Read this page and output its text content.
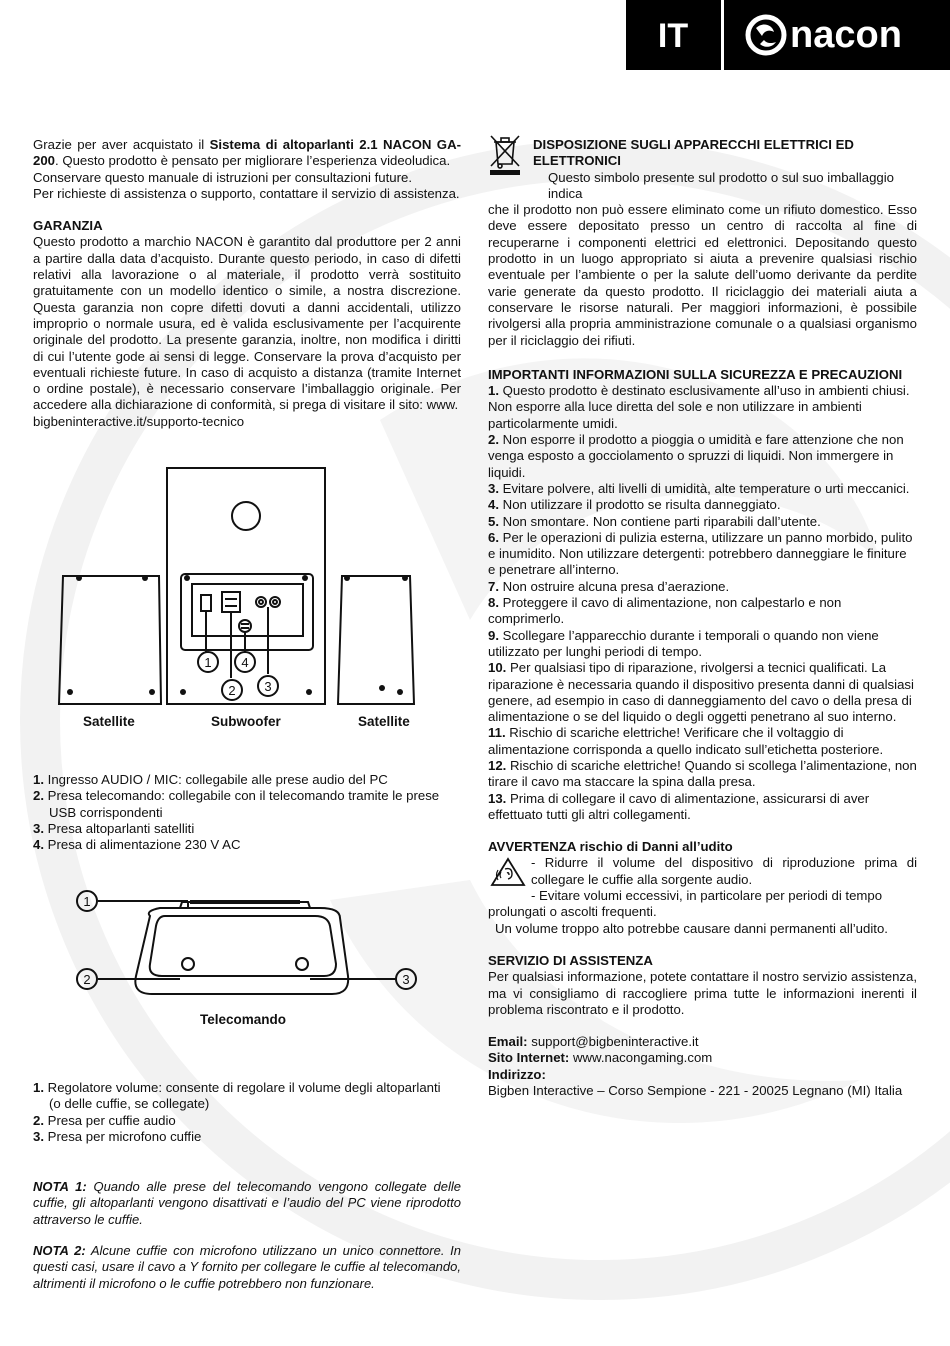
IT	nacon

Grazie per aver acquistato il Sistema di altoparlanti 2.1 NACON GA-200. Questo prodotto è pensato per migliorare l’esperienza videoludica.

Conservare questo manuale di istruzioni per consultazioni future.

Per richieste di assistenza o supporto, contattare il servizio di assistenza.

GARANZIA

Questo prodotto a marchio NACON è garantito dal produttore per 2 anni a partire dalla data d’acquisto. Durante questo periodo, in caso di difetti relativi alla lavorazione o al materiale, il prodotto verrà sostituito gratuitamente con un modello identico o simile, a nostra discrezione. Questa garanzia non copre difetti dovuti a danni accidentali, utilizzo improprio o normale usura, ed è valida esclusivamente per l’acquirente originale del prodotto. La presente garanzia, inoltre, non modifica i diritti di cui l’utente gode ai sensi di legge. Conservare la prova d’acquisto per eventuali richieste future. In caso di acquisto a distanza (tramite Internet o ordine postale), è necessario conservare l’imballaggio originale. Per accedere alla dichiarazione di conformità, si prega di visitare il sito: www.

bigbeninteractive.it/supporto-tecnico

1
2 3
4
Satellite	Subwoofer	Satellite

1. Ingresso AUDIO / MIC: collegabile alle prese audio del PC

2. Presa telecomando: collegabile con il telecomando tramite le prese

USB corrispondenti

3. Presa altoparlanti satelliti

4. Presa di alimentazione 230 V AC

1
2	3
Telecomando

1. Regolatore volume: consente di regolare il volume degli altoparlanti

(o delle cuffie, se collegate)

2. Presa per cuffie audio

3. Presa per microfono cuffie

NOTA 1: Quando alle prese del telecomando vengono collegate delle cuffie, gli altoparlanti vengono disattivati e l’audio del PC viene riprodotto attraverso le cuffie.
NOTA 2: Alcune cuffie con microfono utilizzano un unico connettore. In questi casi, usare il cavo a Y fornito per collegare le cuffie al telecomando, altrimenti il microfono o le cuffie potrebbero non funzionare.

DISPOSIZIONE SUGLI APPARECCHI ELETTRICI ED

ELETTRONICI

Questo simbolo presente sul prodotto o sul suo imballaggio indica

che il prodotto non può essere eliminato come un rifiuto domestico. Esso deve essere depositato presso un centro di raccolta al fine di recuperarne i componenti elettrici ed elettronici. Depositando questo prodotto in un luogo appropriato si aiuta a prevenire qualsiasi rischio eventuale per l’ambiente o per la salute dell’uomo derivante da perdite varie generate da questo prodotto. Il riciclaggio dei materiali aiuta a conservare le risorse naturali. Per maggiori informazioni, è possibile rivolgersi alla propria amministrazione comunale o a qualsiasi organismo per il riciclaggio dei rifiuti.

IMPORTANTI INFORMAZIONI SULLA SICUREZZA E PRECAUZIONI

1. Questo prodotto è destinato esclusivamente all’uso in ambienti chiusi. Non esporre alla luce diretta del sole e non utilizzare in ambienti particolarmente umidi.

2. Non esporre il prodotto a pioggia o umidità e fare attenzione che non venga esposto a gocciolamento o spruzzi di liquidi. Non immergere in liquidi.

3. Evitare polvere, alti livelli di umidità, alte temperature o urti meccanici.

4. Non utilizzare il prodotto se risulta danneggiato.

5. Non smontare. Non contiene parti riparabili dall’utente.

6. Per le operazioni di pulizia esterna, utilizzare un panno morbido, pulito e inumidito. Non utilizzare detergenti: potrebbero danneggiare le finiture e penetrare all’interno.

7. Non ostruire alcuna presa d’aerazione.

8. Proteggere il cavo di alimentazione, non calpestarlo e non comprimerlo.

9. Scollegare l’apparecchio durante i temporali o quando non viene utilizzato per lunghi periodi di tempo.

10. Per qualsiasi tipo di riparazione, rivolgersi a tecnici qualificati. La riparazione è necessaria quando il dispositivo presenta danni di qualsiasi genere, ad esempio in caso di danneggiamento del cavo o della presa di alimentazione o se del liquido o degli oggetti penetrano al suo interno.

11. Rischio di scariche elettriche! Verificare che il voltaggio di alimentazione corrisponda a quello indicato sull’etichetta posteriore.

12. Rischio di scariche elettriche! Quando si scollega l’alimentazione, non tirare il cavo ma staccare la spina dalla presa.

13. Prima di collegare il cavo di alimentazione, assicurarsi di aver effettuato tutti gli altri collegamenti.

AVVERTENZA rischio di Danni all’udito

- Ridurre il volume del dispositivo di riproduzione prima di collegare le cuffie alla sorgente audio.

- Evitare volumi eccessivi, in particolare per periodi di tempo

prolungati o ascolti frequenti.

Un volume troppo alto potrebbe causare danni permanenti all’udito.

SERVIZIO DI ASSISTENZA

Per qualsiasi informazione, potete contattare il nostro servizio assistenza, ma vi consigliamo di raccogliere prima tutte le informazioni inerenti il problema riscontrato e il prodotto.

Email: support@bigbeninteractive.it

Sito Internet: www.nacongaming.com

Indirizzo:

Bigben Interactive – Corso Sempione - 221 - 20025 Legnano (MI) Italia
